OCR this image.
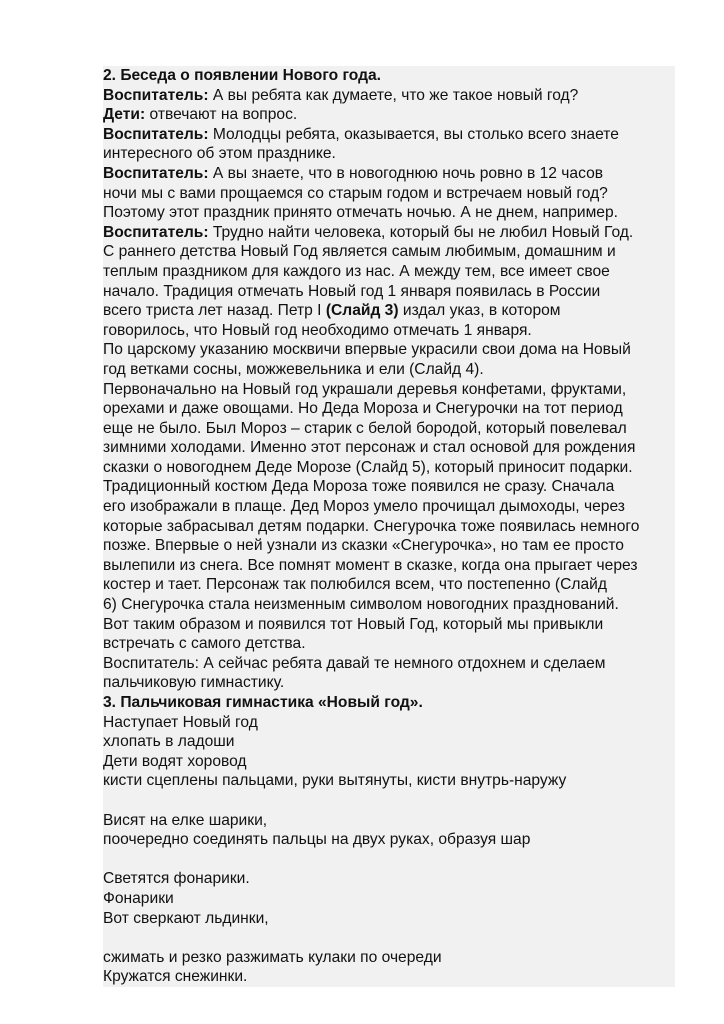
2. Беседа о появлении Нового года.
Воспитатель: А вы ребята как думаете, что же такое новый год?
Дети: отвечают на вопрос.
Воспитатель: Молодцы ребята, оказывается, вы столько всего знаете
интересного об этом празднике.
Воспитатель: А вы знаете, что в новогоднюю ночь ровно в 12 часов
ночи мы с вами прощаемся со старым годом и встречаем новый год?
Поэтому этот праздник принято отмечать ночью. А не днем, например.
Воспитатель: Трудно найти человека, который бы не любил Новый Год.
С раннего детства Новый Год является самым любимым, домашним и
теплым праздником для каждого из нас. А между тем, все имеет свое
начало. Традиция отмечать Новый год 1 января появилась в России
всего триста лет назад. Петр I (Слайд 3) издал указ, в котором
говорилось, что Новый год необходимо отмечать 1 января.
По царскому указанию москвичи впервые украсили свои дома на Новый
год ветками сосны, можжевельника и ели (Слайд 4).
Первоначально на Новый год украшали деревья конфетами, фруктами,
орехами и даже овощами. Но Деда Мороза и Снегурочки на тот период
еще не было. Был Мороз – старик с белой бородой, который повелевал
зимними холодами. Именно этот персонаж и стал основой для рождения
сказки о новогоднем Деде Морозе (Слайд 5), который приносит подарки.
Традиционный костюм Деда Мороза тоже появился не сразу. Сначала
его изображали в плаще. Дед Мороз умело прочищал дымоходы, через
которые забрасывал детям подарки. Снегурочка тоже появилась немного
позже. Впервые о ней узнали из сказки «Снегурочка», но там ее просто
вылепили из снега. Все помнят момент в сказке, когда она прыгает через
костер и тает. Персонаж так полюбился всем, что постепенно (Слайд
6) Снегурочка стала неизменным символом новогодних празднований.
Вот таким образом и появился тот Новый Год, который мы привыкли
встречать с самого детства.
Воспитатель: А сейчас ребята давай те немного отдохнем и сделаем
пальчиковую гимнастику.
3. Пальчиковая гимнастика «Новый год».
Наступает Новый год
хлопать в ладоши
Дети водят хоровод
кисти сцеплены пальцами, руки вытянуты, кисти внутрь-наружу
Висят на елке шарики,
поочередно соединять пальцы на двух руках, образуя шар
Светятся фонарики.
Фонарики
Вот сверкают льдинки,
сжимать и резко разжимать кулаки по очереди
Кружатся снежинки.
